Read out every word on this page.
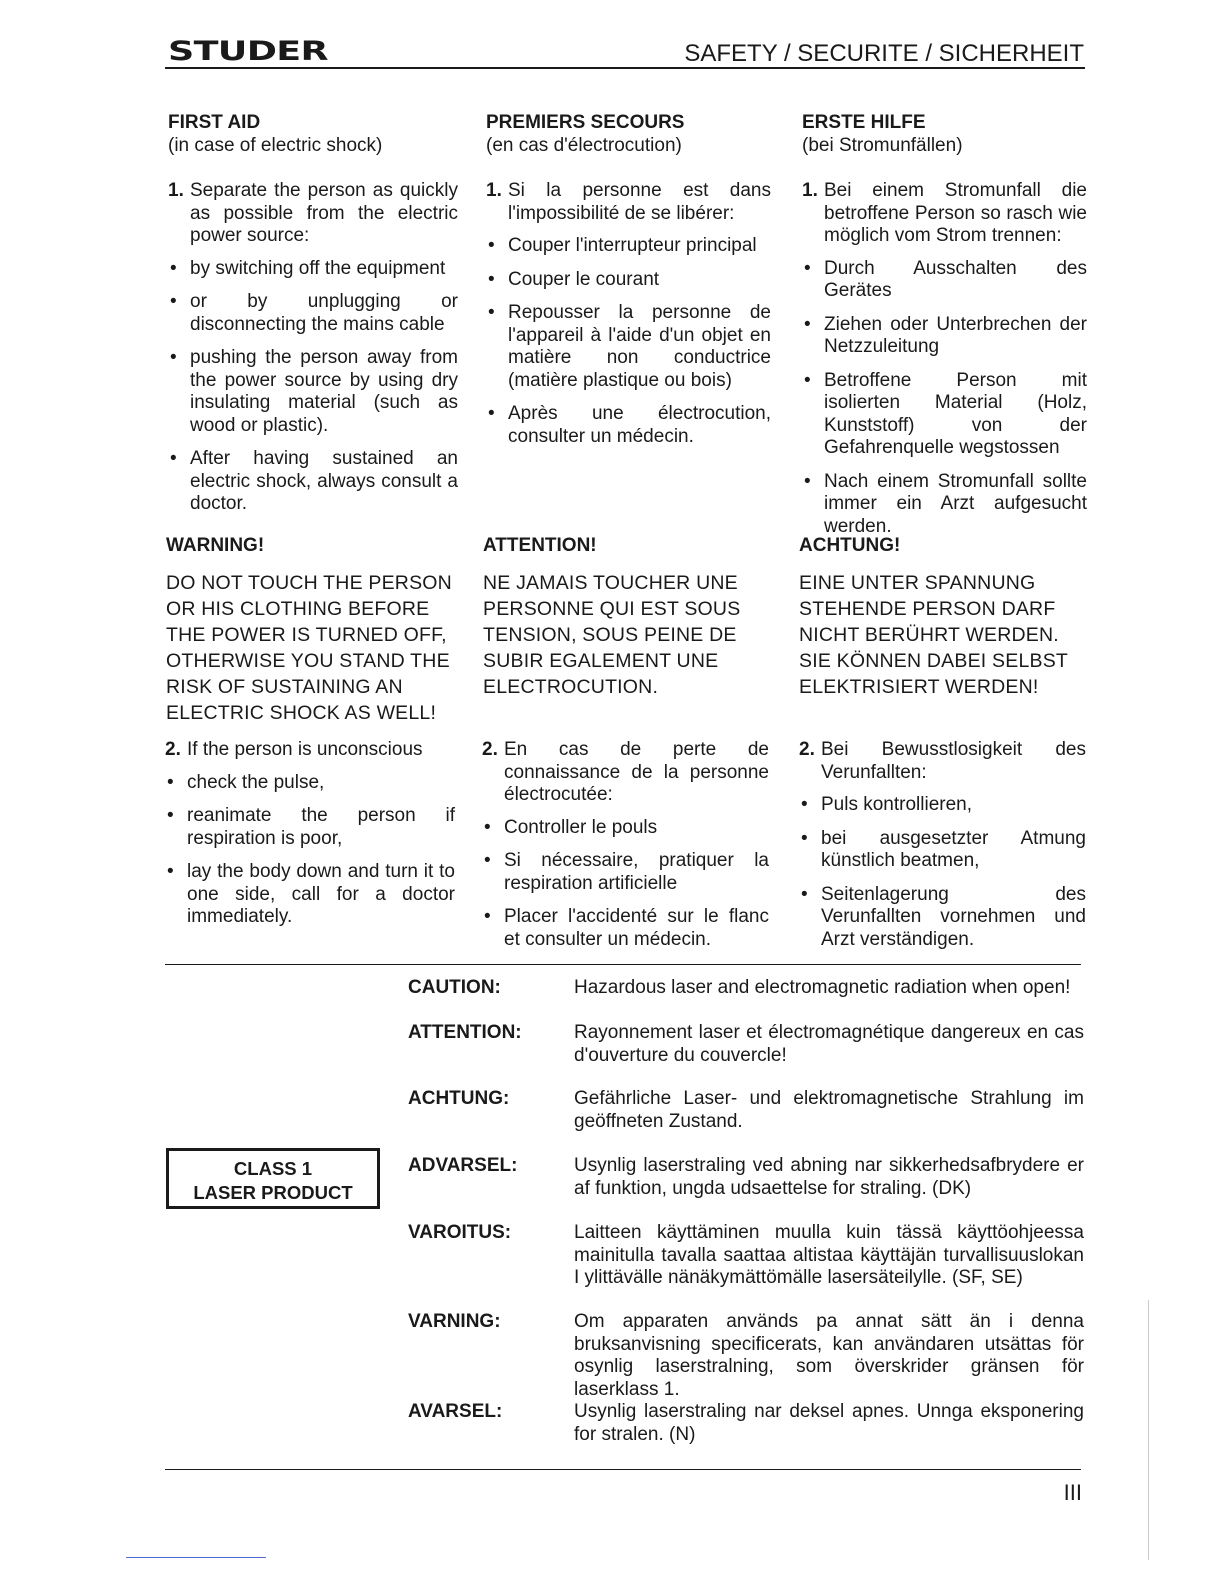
STUDER	SAFETY / SECURITE / SICHERHEIT
FIRST AID
(in case of electric shock)
1. Separate the person as quickly as possible from the electric power source:
• by switching off the equipment
• or by unplugging or disconnecting the mains cable
• pushing the person away from the power source by using dry insulating material (such as wood or plastic).
• After having sustained an electric shock, always consult a doctor.
PREMIERS SECOURS
(en cas d'électrocution)
1. Si la personne est dans l'impossibilité de se libérer:
• Couper l'interrupteur principal
• Couper le courant
• Repousser la personne de l'appareil à l'aide d'un objet en matière non conductrice (matière plastique ou bois)
• Après une électrocution, consulter un médecin.
ERSTE HILFE
(bei Stromunfällen)
1. Bei einem Stromunfall die betroffene Person so rasch wie möglich vom Strom trennen:
• Durch Ausschalten des Gerätes
• Ziehen oder Unterbrechen der Netzzuleitung
• Betroffene Person mit isolierten Material (Holz, Kunststoff) von der Gefahrenquelle wegstossen
• Nach einem Stromunfall sollte immer ein Arzt aufgesucht werden.
WARNING!
DO NOT TOUCH THE PERSON OR HIS CLOTHING BEFORE THE POWER IS TURNED OFF, OTHERWISE YOU STAND THE RISK OF SUSTAINING AN ELECTRIC SHOCK AS WELL!
ATTENTION!
NE JAMAIS TOUCHER UNE PERSONNE QUI EST SOUS TENSION, SOUS PEINE DE SUBIR EGALEMENT UNE ELECTROCUTION.
ACHTUNG!
EINE UNTER SPANNUNG STEHENDE PERSON DARF NICHT BERÜHRT WERDEN. SIE KÖNNEN DABEI SELBST ELEKTRISIERT WERDEN!
2. If the person is unconscious
• check the pulse,
• reanimate the person if respiration is poor,
• lay the body down and turn it to one side, call for a doctor immediately.
2. En cas de perte de connaissance de la personne électrocutée:
• Controller le pouls
• Si nécessaire, pratiquer la respiration artificielle
• Placer l'accidenté sur le flanc et consulter un médecin.
2. Bei Bewusstlosigkeit des Verunfallten:
• Puls kontrollieren,
• bei ausgesetzter Atmung künstlich beatmen,
• Seitenlagerung des Verunfallten vornehmen und Arzt verständigen.
CLASS 1
LASER PRODUCT
CAUTION:	Hazardous laser and electromagnetic radiation when open!
ATTENTION:	Rayonnement laser et électromagnétique dangereux en cas d'ouverture du couvercle!
ACHTUNG:	Gefährliche Laser- und elektromagnetische Strahlung im geöffneten Zustand.
ADVARSEL:	Usynlig laserstraling ved abning nar sikkerhedsafbrydere er af funktion, ungda udsaettelse for straling. (DK)
VAROITUS:	Laitteen käyttäminen muulla kuin tässä käyttöohjeessa mainitulla tavalla saattaa altistaa käyttäjän turvallisuuslokan I ylittävälle nänäkymättömälle lasersäteilylle. (SF, SE)
VARNING:	Om apparaten används pa annat sätt än i denna bruksanvisning specificerats, kan användaren utsättas för osynlig laserstralning, som överskrider gränsen för laserklass 1.
AVARSEL:	Usynlig laserstraling nar deksel apnes. Unnga eksponering for stralen. (N)
III
